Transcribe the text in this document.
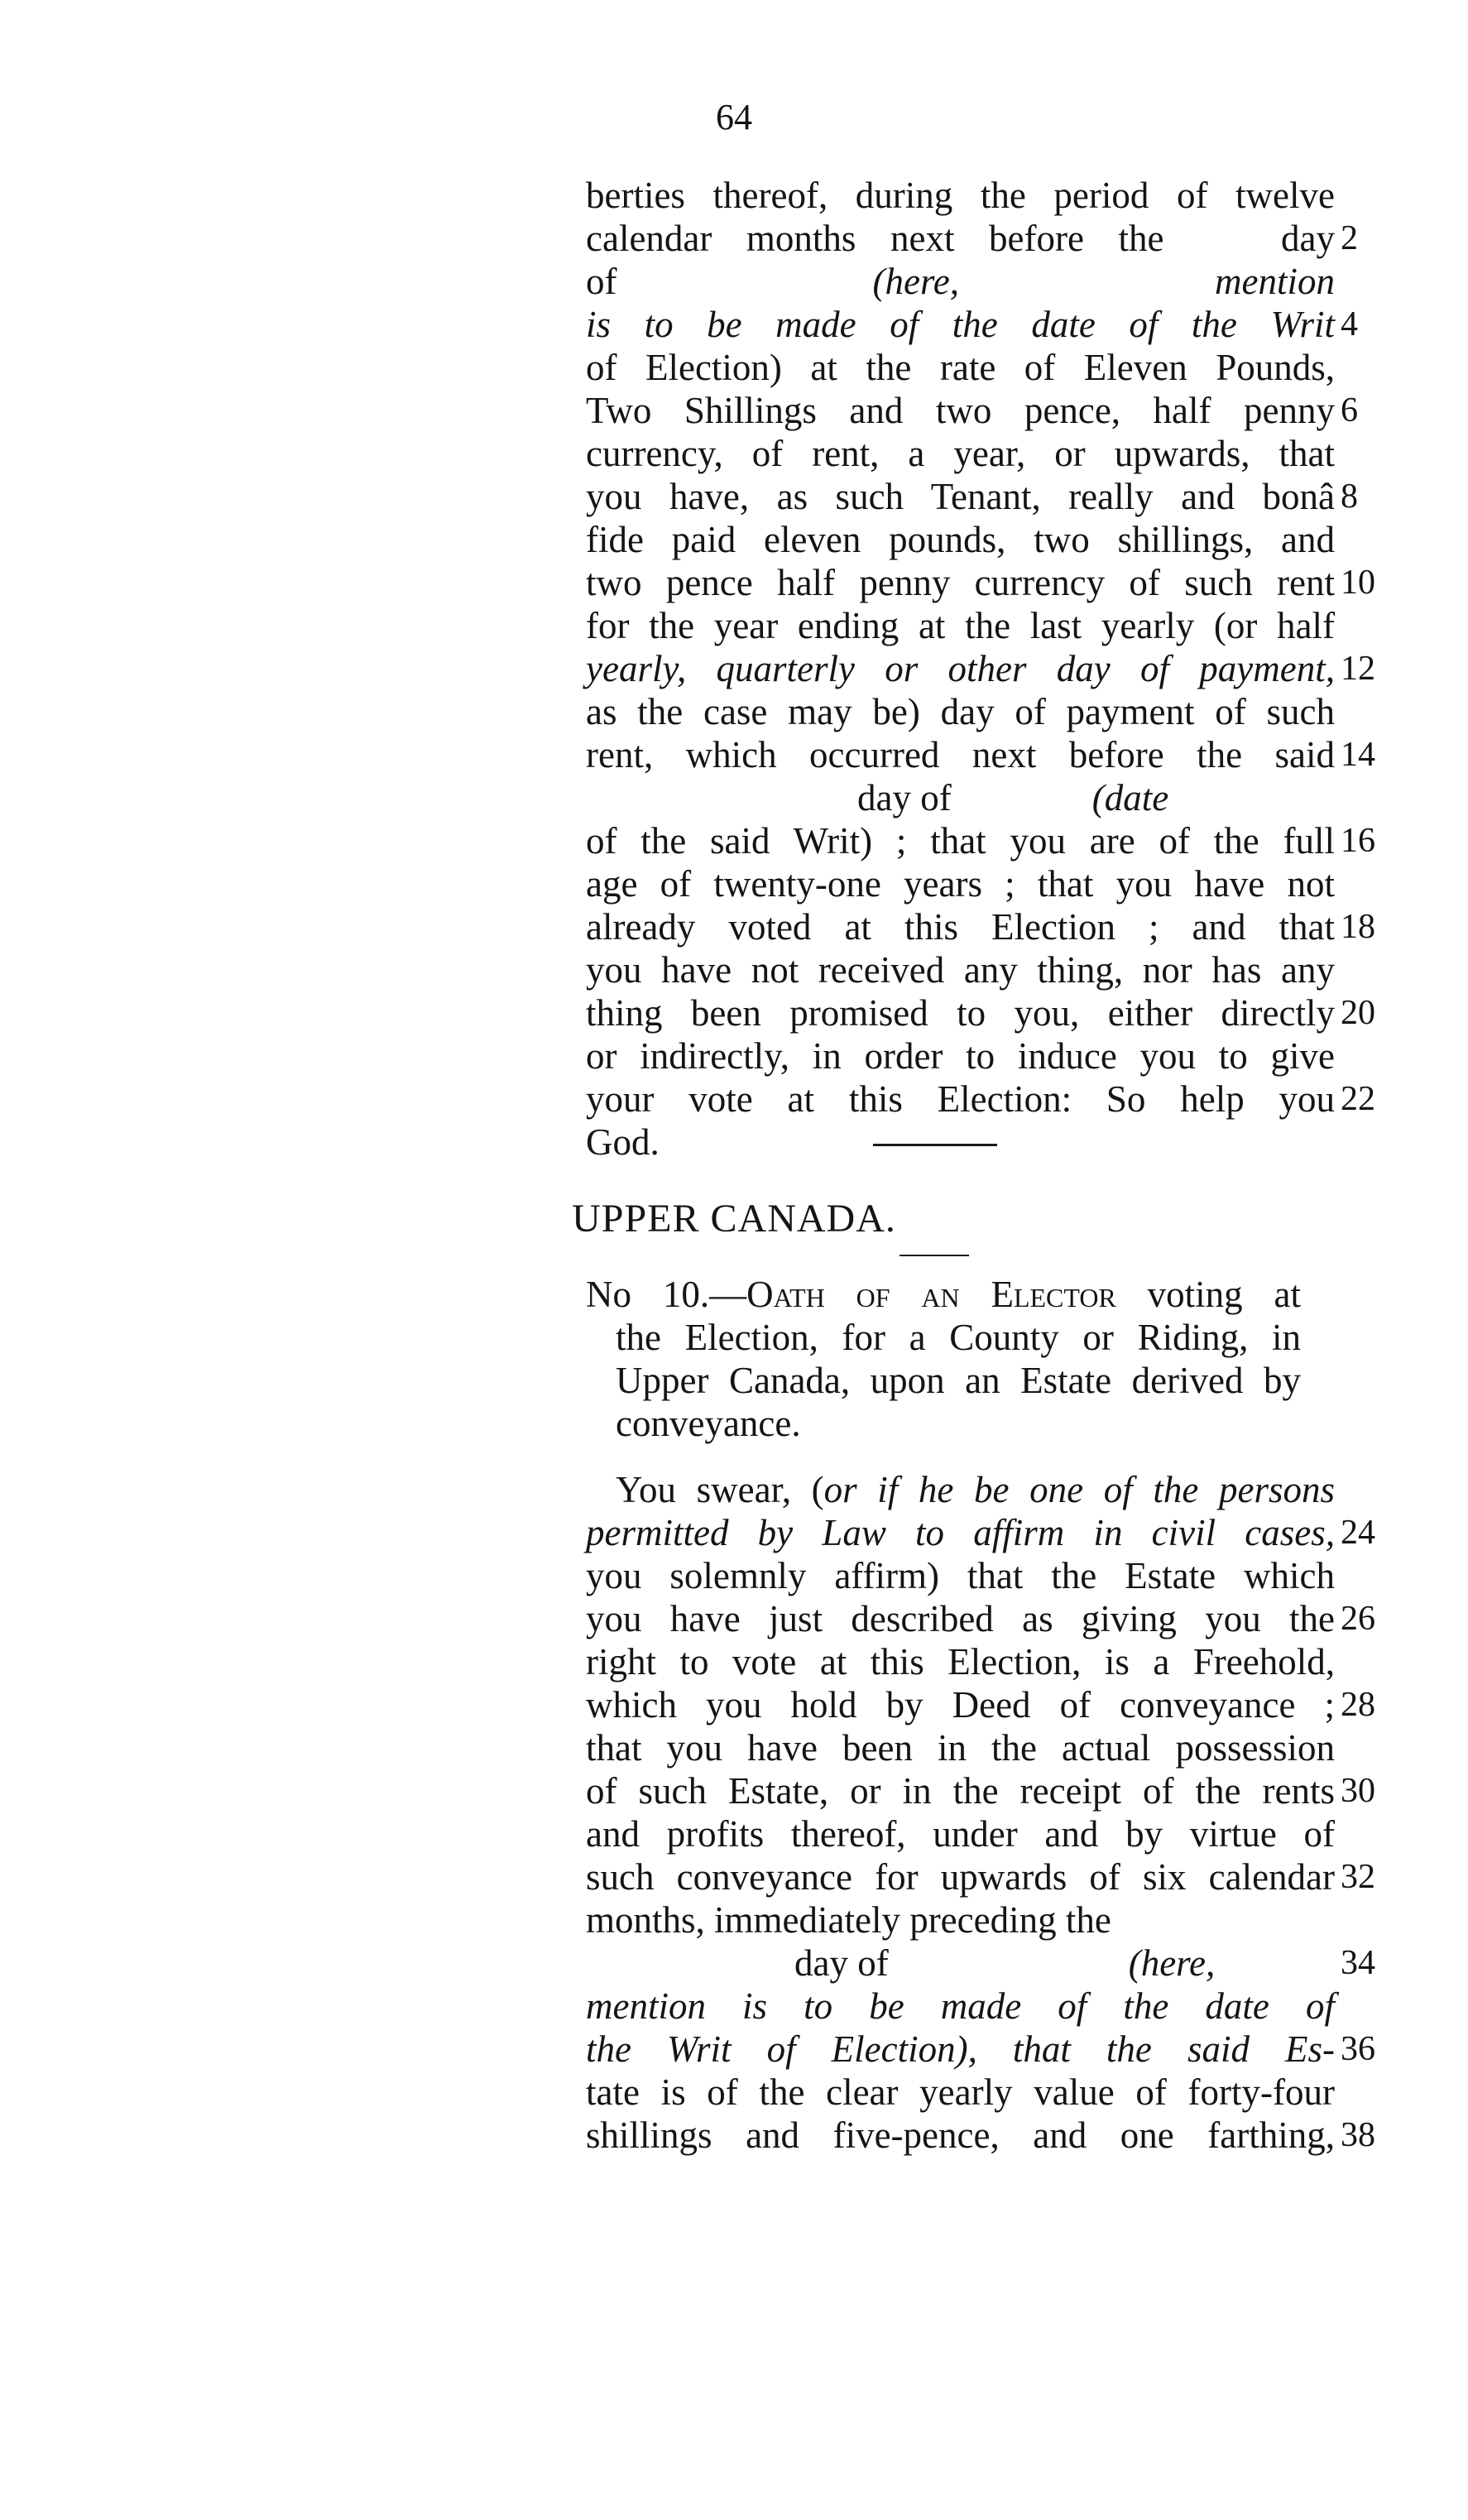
64
berties thereof, during the period of twelve
calendar months next before the	day
of	(here, mention
is to be made of the date of the Writ
of Election) at the rate of Eleven Pounds,
Two Shillings and two pence, half penny
currency, of rent, a year, or upwards, that
you have, as such Tenant, really and bonâ
fide paid eleven pounds, two shillings, and
two pence half penny currency of such rent
for the year ending at the last yearly (or half
yearly, quarterly or other day of payment,
as the case may be) day of payment of such
rent, which occurred next before the said
day of	(date
of the said Writ) ; that you are of the full
age of twenty-one years ; that you have not
already voted at this Election ; and that
you have not received any thing, nor has any
thing been promised to you, either directly
or indirectly, in order to induce you to give
your vote at this Election: So help you
God.
2
4
6
8
10
12
14
16
18
20
22
UPPER CANADA.
No 10.—Oath of an Elector voting at
the Election, for a County or Riding, in
Upper Canada, upon an Estate derived by
conveyance.
You swear, (or if he be one of the persons
permitted by Law to affirm in civil cases,
you solemnly affirm) that the Estate which
you have just described as giving you the
right to vote at this Election, is a Freehold,
which you hold by Deed of conveyance ;
that you have been in the actual possession
of such Estate, or in the receipt of the rents
and profits thereof, under and by virtue of
such conveyance for upwards of six calendar
months, immediately preceding the
day of	(here,
mention is to be made of the date of
the Writ of Election), that the said Es-
tate is of the clear yearly value of forty-four
shillings and five-pence, and one farthing,
24
26
28
30
32
34
36
38
